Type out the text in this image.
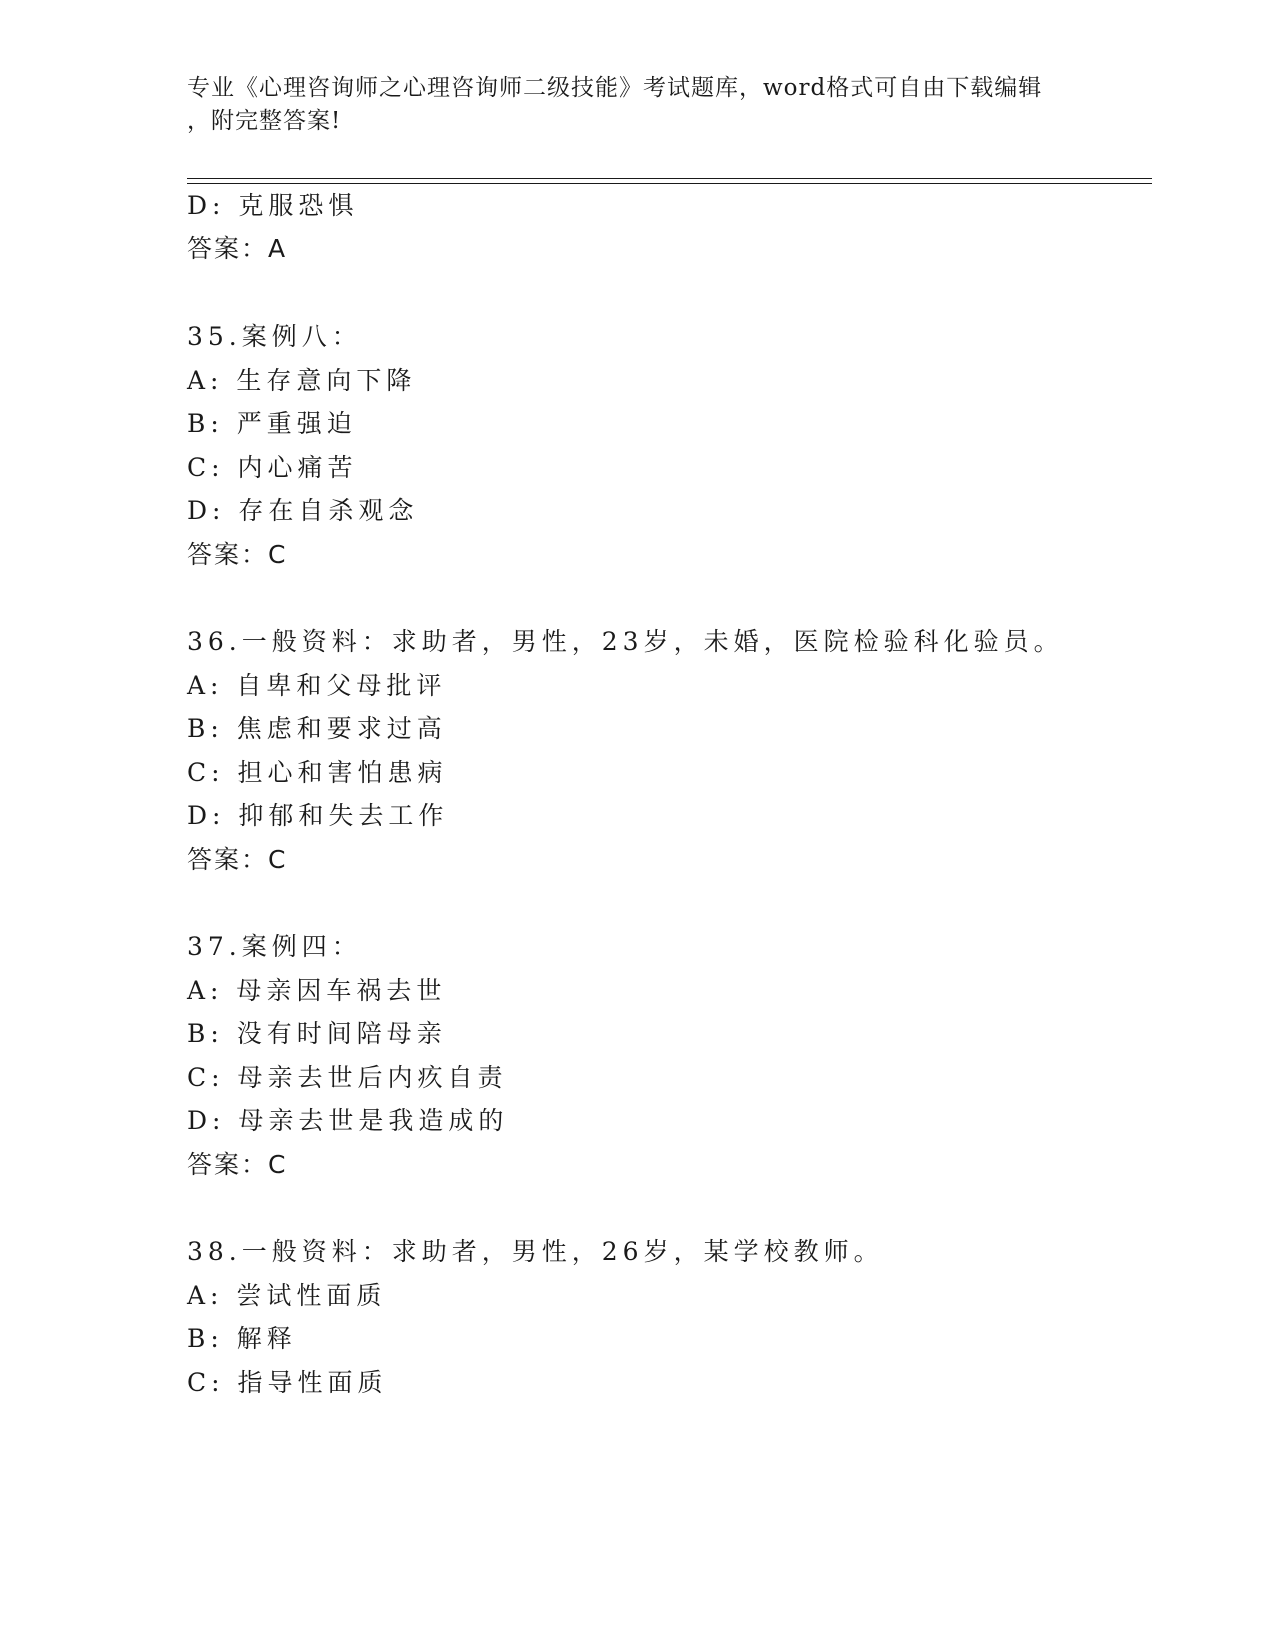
专业《心理咨询师之心理咨询师二级技能》考试题库，word格式可自由下载编辑
，附完整答案!
D: 克服恐惧
答案：A
35.案例八：
A: 生存意向下降
B: 严重强迫
C: 内心痛苦
D: 存在自杀观念
答案：C
36.一般资料：求助者，男性，23岁，未婚，医院检验科化验员。
A: 自卑和父母批评
B: 焦虑和要求过高
C: 担心和害怕患病
D: 抑郁和失去工作
答案：C
37.案例四：
A: 母亲因车祸去世
B: 没有时间陪母亲
C: 母亲去世后内疚自责
D: 母亲去世是我造成的
答案：C
38.一般资料：求助者，男性，26岁，某学校教师。
A: 尝试性面质
B: 解释
C: 指导性面质
